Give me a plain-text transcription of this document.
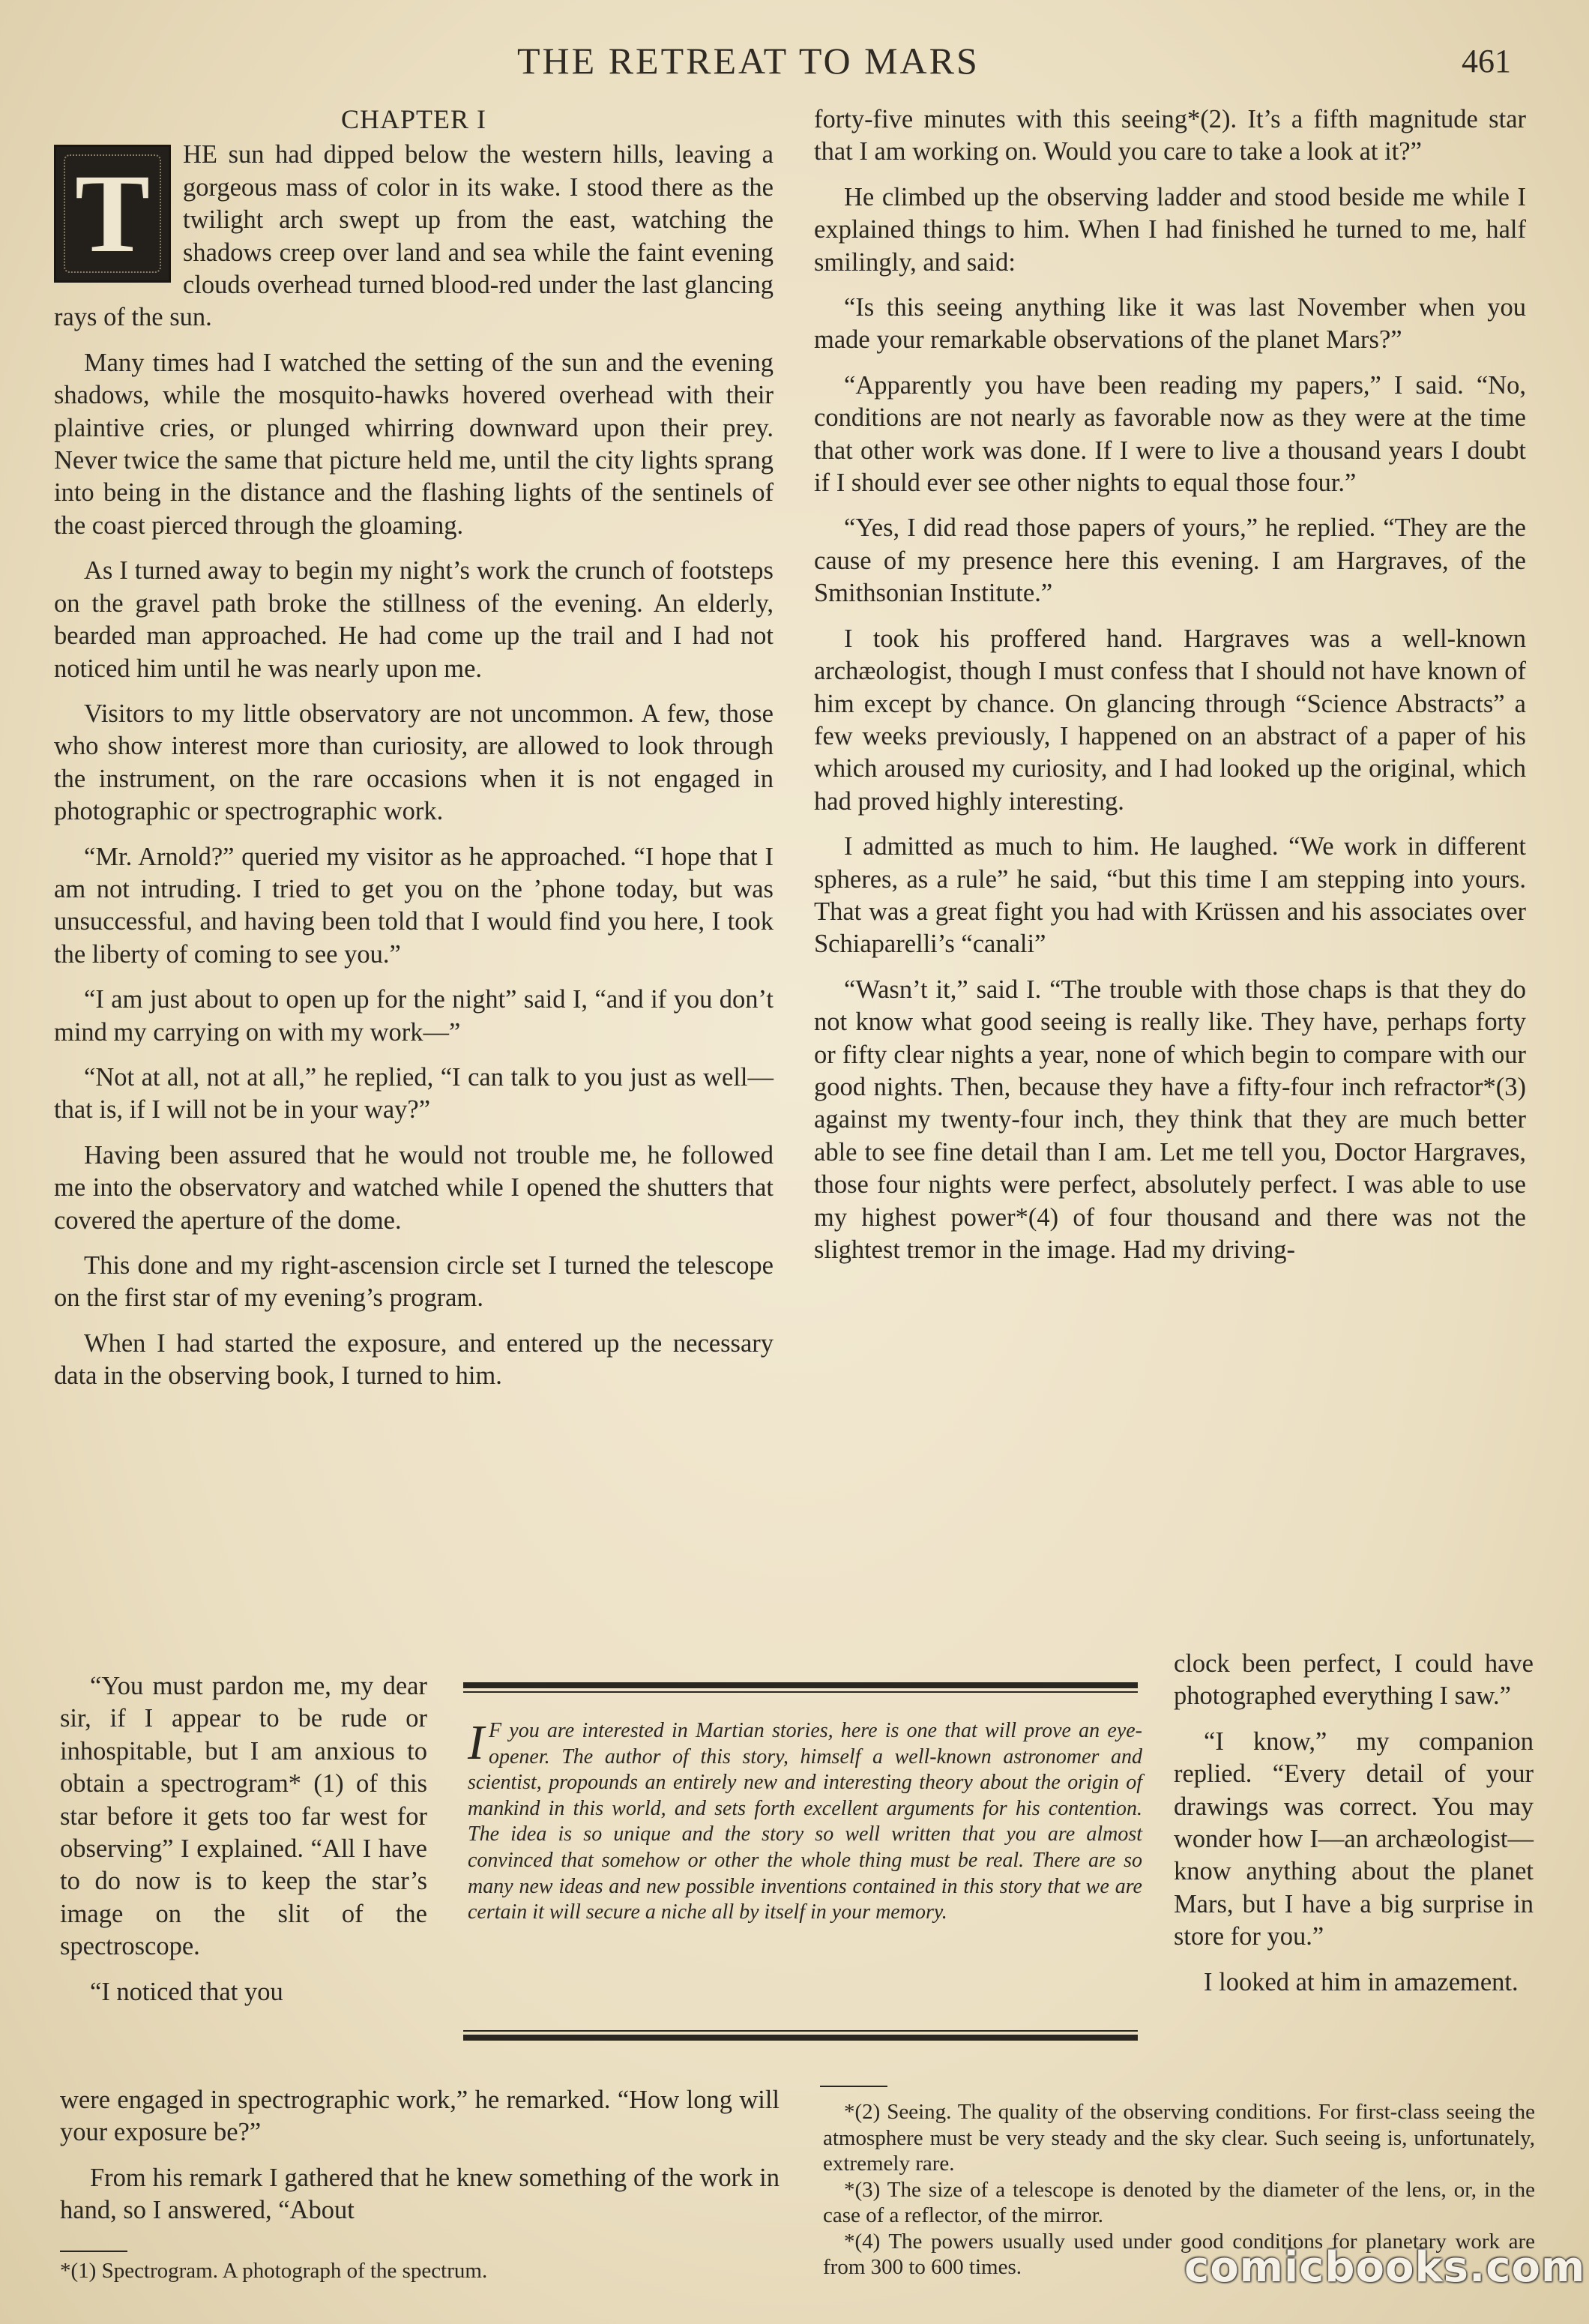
THE RETREAT TO MARS	461
CHAPTER I
T	HE sun had dipped below the western hills, leaving a gorgeous mass of color in its wake. I stood there as the twilight arch swept up from the east, watching the shadows creep over land and sea while the faint evening clouds overhead turned blood-red under the last glancing rays of the sun.

Many times had I watched the setting of the sun and the evening shadows, while the mosquito-hawks hovered overhead with their plaintive cries, or plunged whirring downward upon their prey. Never twice the same that picture held me, until the city lights sprang into being in the distance and the flashing lights of the sentinels of the coast pierced through the gloaming.

As I turned away to begin my night’s work the crunch of footsteps on the gravel path broke the stillness of the evening. An elderly, bearded man approached. He had come up the trail and I had not noticed him until he was nearly upon me.

Visitors to my little observatory are not uncommon. A few, those who show interest more than curiosity, are allowed to look through the instrument, on the rare occasions when it is not engaged in photographic or spectrographic work.

“Mr. Arnold?” queried my visitor as he approached. “I hope that I am not intruding. I tried to get you on the ’phone today, but was unsuccessful, and having been told that I would find you here, I took the liberty of coming to see you.”

“I am just about to open up for the night” said I, “and if you don’t mind my carrying on with my work—”

“Not at all, not at all,” he replied, “I can talk to you just as well—that is, if I will not be in your way?”

Having been assured that he would not trouble me, he followed me into the observatory and watched while I opened the shutters that covered the aperture of the dome.

This done and my right-ascension circle set I turned the telescope on the first star of my evening’s program.

When I had started the exposure, and entered up the necessary data in the observing book, I turned to him.

“You must pardon me, my dear sir, if I appear to be rude or inhospitable, but I am anxious to obtain a spectrogram* (1) of this star before it gets too far west for observing” I explained. “All I have to do now is to keep the star’s image on the slit of the spectroscope.

“I noticed that you

were engaged in spectrographic work,” he remarked. “How long will your exposure be?”

From his remark I gathered that he knew something of the work in hand, so I answered, “About

forty-five minutes with this seeing*(2). It’s a fifth magnitude star that I am working on. Would you care to take a look at it?”

He climbed up the observing ladder and stood beside me while I explained things to him. When I had finished he turned to me, half smilingly, and said:

“Is this seeing anything like it was last November when you made your remarkable observations of the planet Mars?”

“Apparently you have been reading my papers,” I said. “No, conditions are not nearly as favorable now as they were at the time that other work was done. If I were to live a thousand years I doubt if I should ever see other nights to equal those four.”

“Yes, I did read those papers of yours,” he replied. “They are the cause of my presence here this evening. I am Hargraves, of the Smithsonian Institute.”

I took his proffered hand. Hargraves was a well-known archæologist, though I must confess that I should not have known of him except by chance. On glancing through “Science Abstracts” a few weeks previously, I happened on an abstract of a paper of his which aroused my curiosity, and I had looked up the original, which had proved highly interesting.

I admitted as much to him. He laughed. “We work in different spheres, as a rule” he said, “but this time I am stepping into yours. That was a great fight you had with Krüssen and his associates over Schiaparelli’s “canali”

“Wasn’t it,” said I. “The trouble with those chaps is that they do not know what good seeing is really like. They have, perhaps forty or fifty clear nights a year, none of which begin to compare with our good nights. Then, because they have a fifty-four inch refractor*(3) against my twenty-four inch, they think that they are much better able to see fine detail than I am. Let me tell you, Doctor Hargraves, those four nights were perfect, absolutely perfect. I was able to use my highest power*(4) of four thousand and there was not the slightest tremor in the image. Had my driving-

clock been perfect, I could have photographed everything I saw.”

“I know,” my companion replied. “Every detail of your drawings was correct. You may wonder how I—an archæologist—know anything about the planet Mars, but I have a big surprise in store for you.”

I looked at him in amazement.

I F you are interested in Martian stories, here is one that will prove an eye-opener. The author of this story, himself a well-known astronomer and scientist, propounds an entirely new and interesting theory about the origin of mankind in this world, and sets forth excellent arguments for his contention. The idea is so unique and the story so well written that you are almost convinced that somehow or other the whole thing must be real. There are so many new ideas and new possible inventions contained in this story that we are certain it will secure a niche all by itself in your memory.

*(2) Seeing. The quality of the observing conditions. For first-class seeing the atmosphere must be very steady and the sky clear. Such seeing is, unfortunately, extremely rare.

*(3) The size of a telescope is denoted by the diameter of the lens, or, in the case of a reflector, of the mirror.

*(4) The powers usually used under good conditions for planetary work are from 300 to 600 times.

*(1) Spectrogram. A photograph of the spectrum.	comicbooks.com
